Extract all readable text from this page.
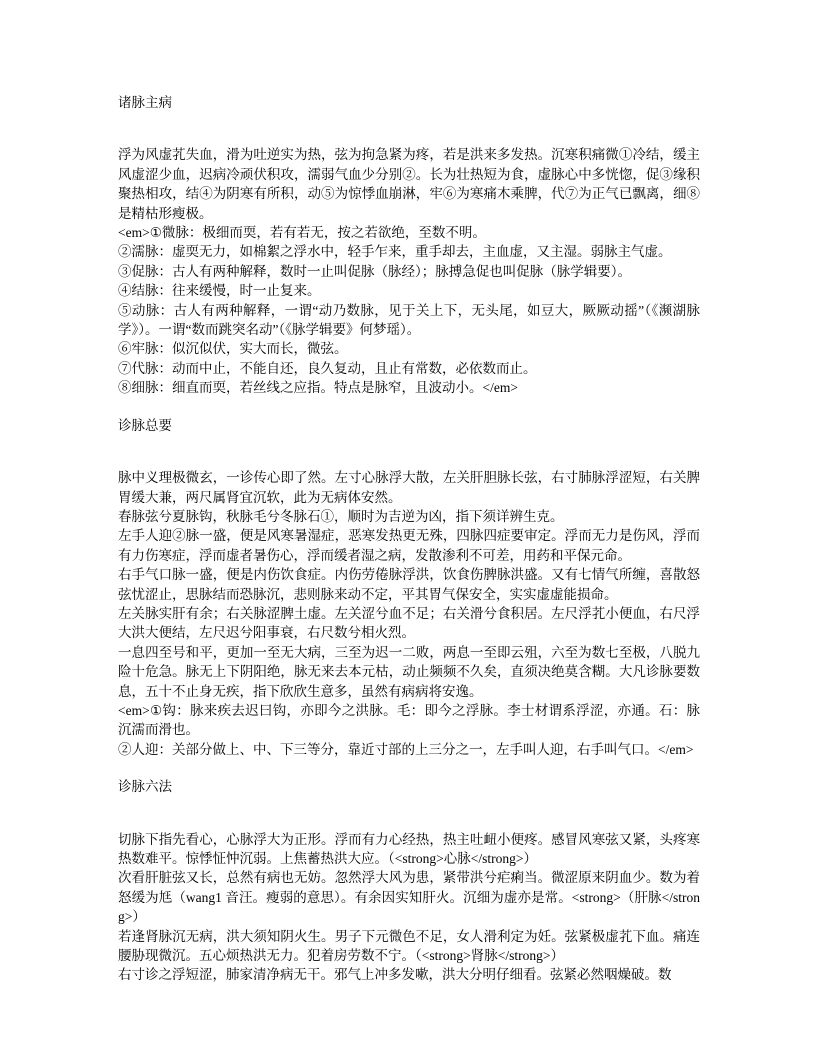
诸脉主病

浮为风虚芤失血，滑为吐逆实为热，弦为拘急紧为疼，若是洪来多发热。沉寒积痛微①冷结，缓主风虚涩少血，迟病冷顽伏积攻，濡弱气血少分别②。长为壮热短为食，虚脉心中多恍惚，促③缘积聚热相攻，结④为阴寒有所积，动⑤为惊悸血崩淋，牢⑥为寒痛木乘脾，代⑦为正气已飘离，细⑧是精枯形瘦极。

<em>①微脉：极细而耎，若有若无，按之若欲绝，至数不明。

②濡脉：虚耎无力，如棉絮之浮水中，轻手乍来，重手却去，主血虚，又主湿。弱脉主气虚。

③促脉：古人有两种解释，数时一止叫促脉（脉经）；脉搏急促也叫促脉（脉学辑要）。

④结脉：往来缓慢，时一止复来。

⑤动脉：古人有两种解释，一谓“动乃数脉，见于关上下，无头尾，如豆大，厥厥动摇”（《濒湖脉学》）。一谓“数而跳突名动”（《脉学辑要》何梦瑶）。

⑥牢脉：似沉似伏，实大而长，微弦。

⑦代脉：动而中止，不能自还，良久复动，且止有常数，必依数而止。

⑧细脉：细直而耎，若丝线之应指。特点是脉窄，且波动小。</em>

诊脉总要

脉中义理极微玄，一诊传心即了然。左寸心脉浮大散，左关肝胆脉长弦，右寸肺脉浮涩短，右关脾胃缓大兼，两尺属肾宜沉软，此为无病体安然。

春脉弦兮夏脉钩，秋脉毛兮冬脉石①，顺时为吉逆为凶，指下须详辨生克。

左手人迎②脉一盛，便是风寒暑湿症，恶寒发热更无殊，四脉四症要审定。浮而无力是伤风，浮而有力伤寒症，浮而虚者暑伤心，浮而缓者湿之病，发散渗利不可差，用药和平保元命。

右手气口脉一盛，便是内伤饮食症。内伤劳倦脉浮洪，饮食伤脾脉洪盛。又有七情气所缠，喜散怒弦忧涩止，思脉结而恐脉沉，悲则脉来动不定，平其胃气保安全，实实虚虚能损命。

左关脉实肝有余；右关脉涩脾土虚。左关涩兮血不足；右关滑兮食积居。左尺浮芤小便血，右尺浮大洪大便结，左尺迟兮阳事衰，右尺数兮相火烈。

一息四至号和平，更加一至无大病，三至为迟一二败，两息一至即云殂，六至为数七至极，八脱九险十危急。脉无上下阴阳绝，脉无来去本元枯，动止频频不久矣，直须决绝莫含糊。大凡诊脉要数息，五十不止身无疾，指下欣欣生意多，虽然有病病将安逸。

<em>①钩：脉来疾去迟曰钩，亦即今之洪脉。毛：即今之浮脉。李士材谓系浮涩，亦通。石：脉沉濡而滑也。

②人迎：关部分做上、中、下三等分，靠近寸部的上三分之一，左手叫人迎，右手叫气口。</em>

诊脉六法

切脉下指先看心，心脉浮大为正形。浮而有力心经热，热主吐衄小便疼。感冒风寒弦又紧，头疼寒热数难平。惊悸怔忡沉弱。上焦蓄热洪大应。（<strong>心脉</strong>）

次看肝脏弦又长，总然有病也无妨。忽然浮大风为患，紧带洪兮疟痢当。微涩原来阴血少。数为着怒缓为尪（wang1 音汪。瘦弱的意思）。有余因实知肝火。沉细为虚亦是常。<strong>（肝脉</strong>）

若逢肾脉沉无病，洪大须知阴火生。男子下元微色不足，女人滑利定为妊。弦紧极虚芤下血。痛连腰胁现微沉。五心烦热洪无力。犯着房劳数不宁。（<strong>肾脉</strong>）

右寸诊之浮短涩，肺家清净病无干。邪气上冲多发嗽，洪大分明仔细看。弦紧必然咽燥破。数
